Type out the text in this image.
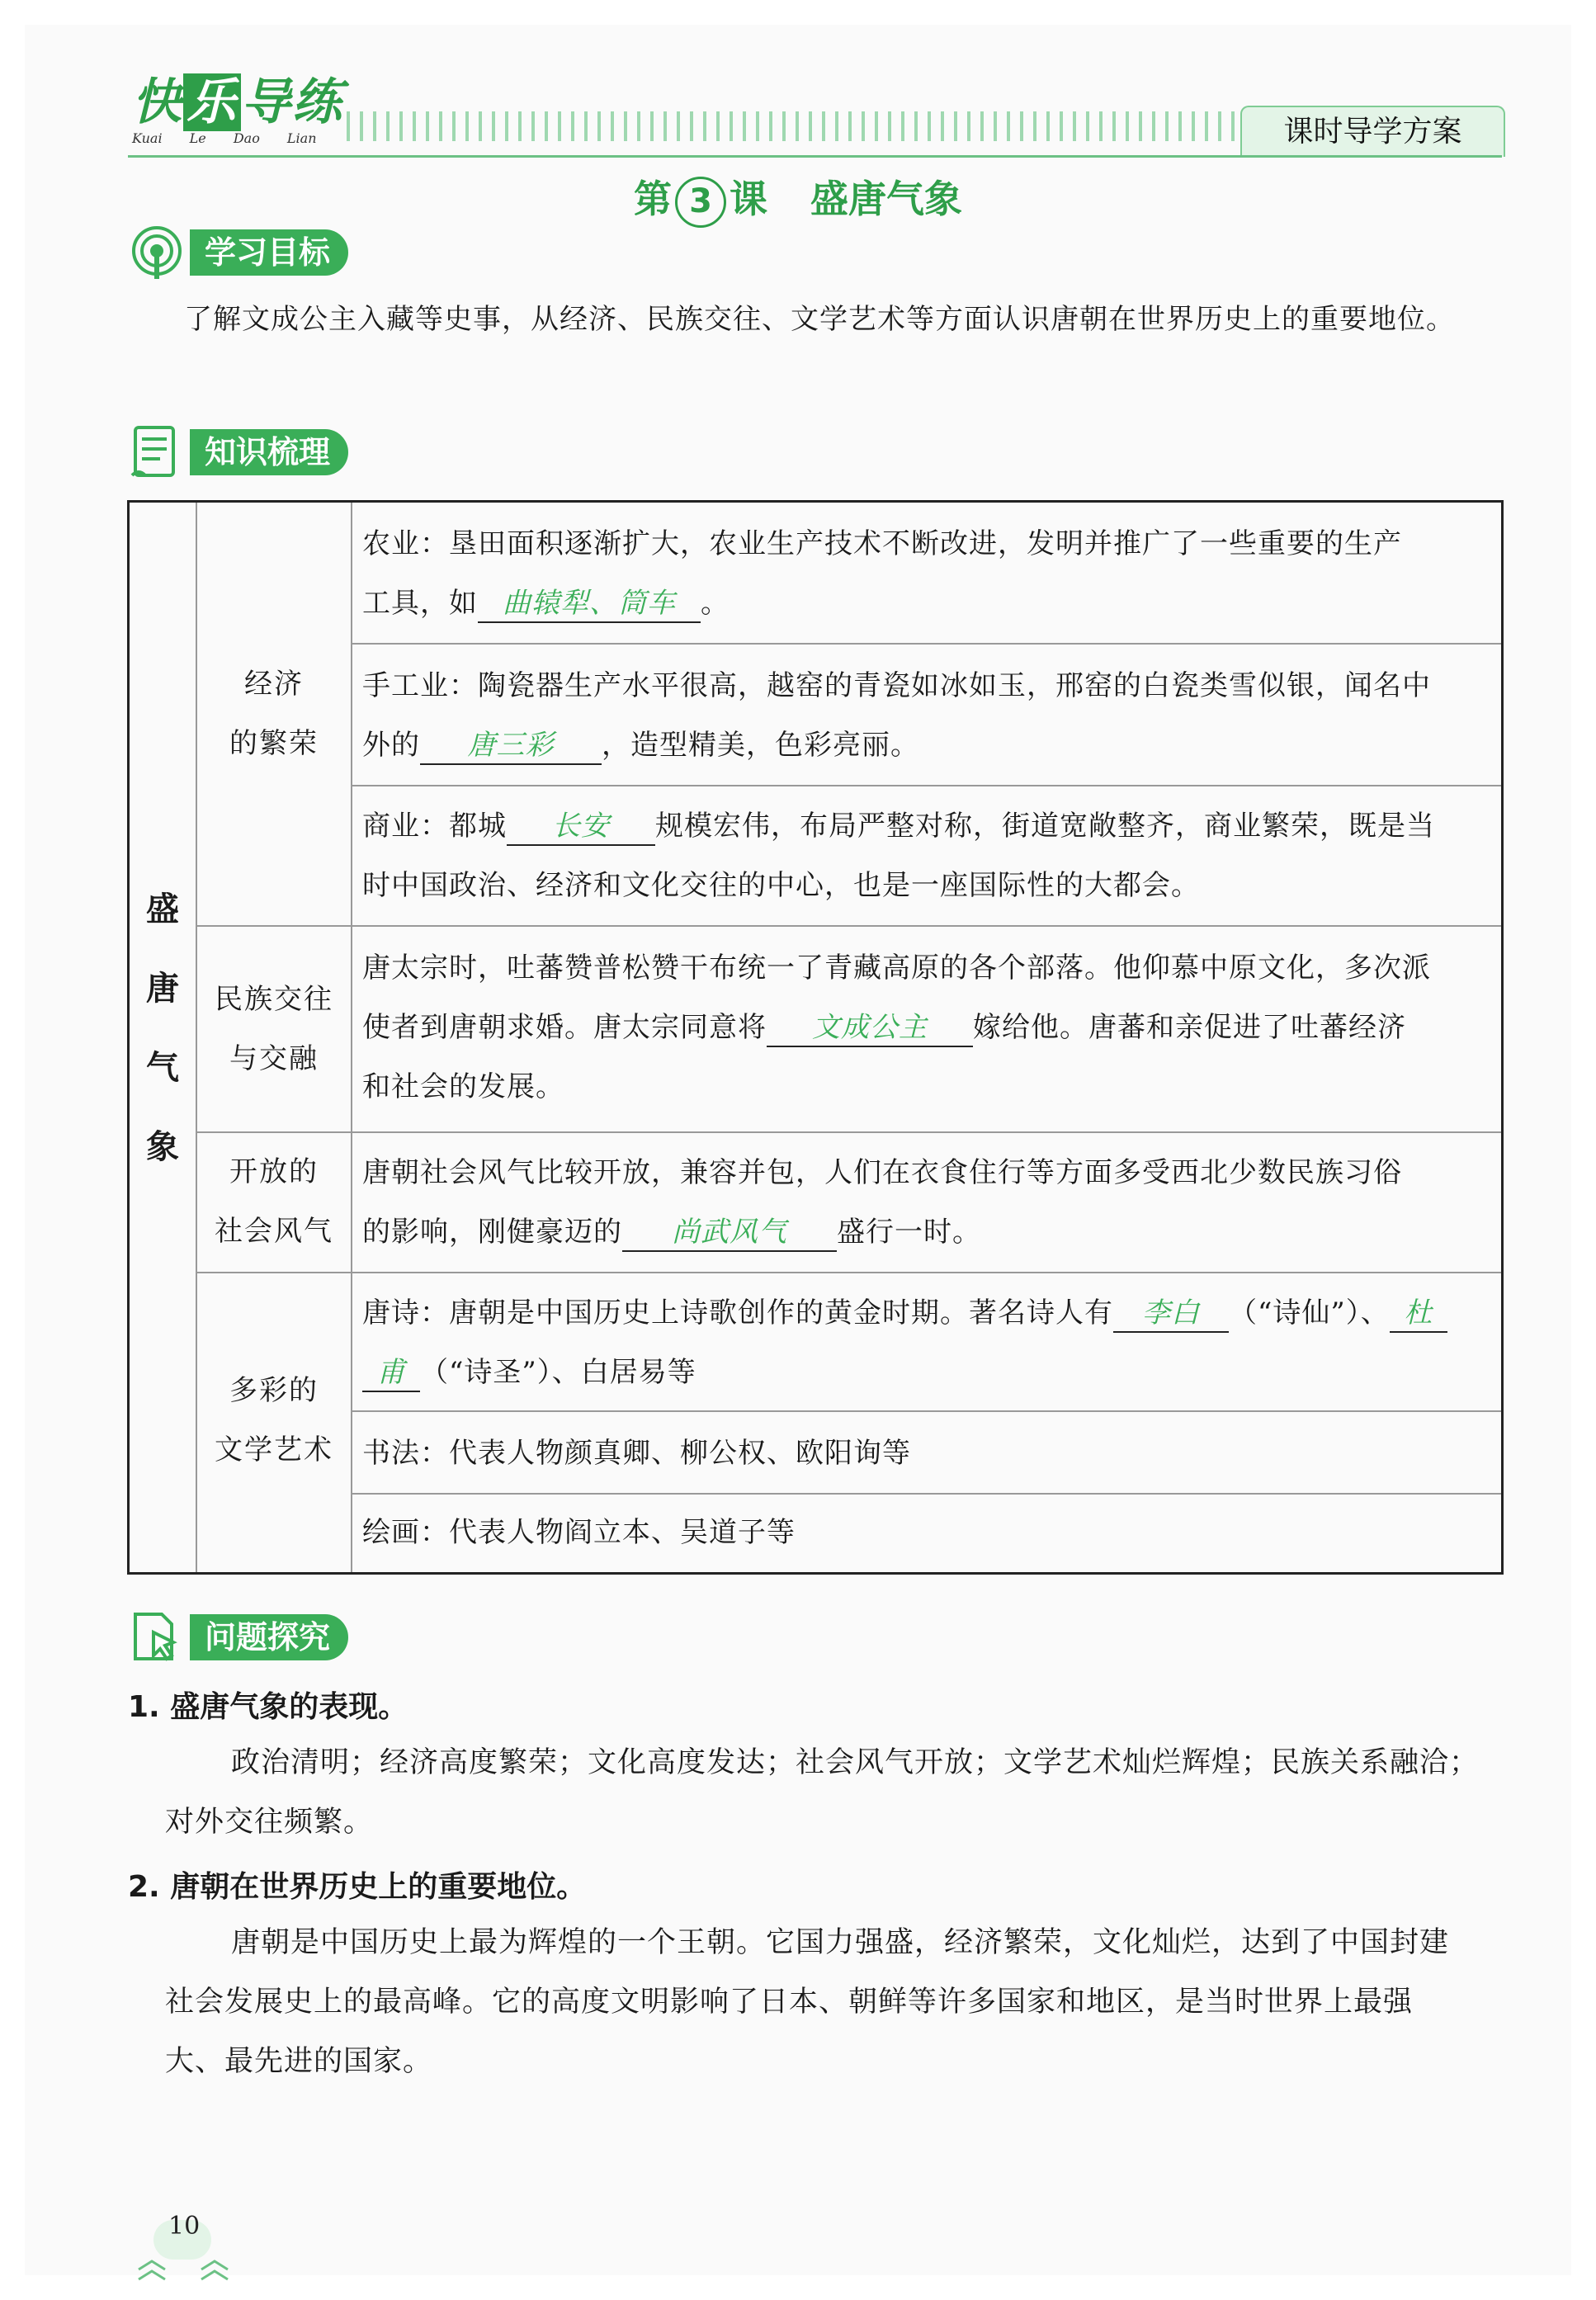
快乐导练
Kuai Le Dao Lian	课时导学方案
第 3 课 盛唐气象
学习目标
了解文成公主入藏等史事，从经济、民族交往、文学艺术等方面认识唐朝在世界历史上的重要地位。
知识梳理
盛
唐
气
象
经济
的繁荣
民族交往
与交融
开放的
社会风气
多彩的
文学艺术
农业：垦田面积逐渐扩大，农业生产技术不断改进，发明并推广了一些重要的生产
工具，如 曲辕犁、筒车 。
手工业：陶瓷器生产水平很高，越窑的青瓷如冰如玉，邢窑的白瓷类雪似银，闻名中
外的 唐三彩 ，造型精美，色彩亮丽。
商业：都城 长安 规模宏伟，布局严整对称，街道宽敞整齐，商业繁荣，既是当
时中国政治、经济和文化交往的中心，也是一座国际性的大都会。
唐太宗时，吐蕃赞普松赞干布统一了青藏高原的各个部落。他仰慕中原文化，多次派
使者到唐朝求婚。唐太宗同意将 文成公主 嫁给他。唐蕃和亲促进了吐蕃经济
和社会的发展。
唐朝社会风气比较开放，兼容并包，人们在衣食住行等方面多受西北少数民族习俗
的影响，刚健豪迈的 尚武风气 盛行一时。
唐诗：唐朝是中国历史上诗歌创作的黄金时期。著名诗人有 李白 （“诗仙”）、 杜
甫 （“诗圣”）、白居易等
书法：代表人物颜真卿、柳公权、欧阳询等
绘画：代表人物阎立本、吴道子等
问题探究
1. 盛唐气象的表现。
政治清明；经济高度繁荣；文化高度发达；社会风气开放；文学艺术灿烂辉煌；民族关系融洽；
对外交往频繁。
2. 唐朝在世界历史上的重要地位。
唐朝是中国历史上最为辉煌的一个王朝。它国力强盛，经济繁荣，文化灿烂，达到了中国封建
社会发展史上的最高峰。它的高度文明影响了日本、朝鲜等许多国家和地区，是当时世界上最强
大、最先进的国家。
10
